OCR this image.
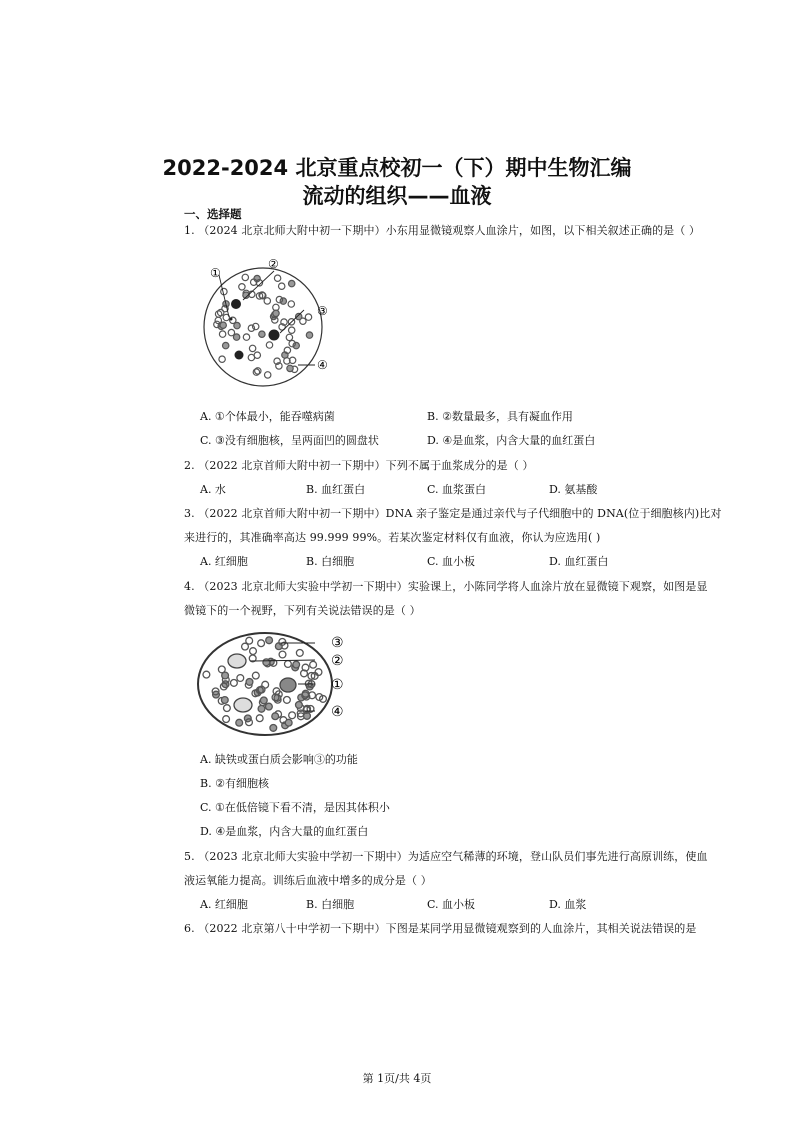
2022-2024 北京重点校初一（下）期中生物汇编
流动的组织——血液
一、选择题
1. （2024 北京北师大附中初一下期中）小东用显微镜观察人血涂片，如图，以下相关叙述正确的是（ ）
①
②
③
④
A. ①个体最小，能吞噬病菌	B. ②数量最多，具有凝血作用
C. ③没有细胞核，呈两面凹的圆盘状	D. ④是血浆，内含大量的血红蛋白
2. （2022 北京首师大附中初一下期中）下列不属于血浆成分的是（ ）
A. 水	B. 血红蛋白	C. 血浆蛋白	D. 氨基酸
3. （2022 北京首师大附中初一下期中）DNA 亲子鉴定是通过亲代与子代细胞中的 DNA(位于细胞核内)比对
来进行的，其准确率高达 99.999 99%。若某次鉴定材料仅有血液，你认为应选用( )
A. 红细胞	B. 白细胞	C. 血小板	D. 血红蛋白
4. （2023 北京北师大实验中学初一下期中）实验课上，小陈同学将人血涂片放在显微镜下观察，如图是显
微镜下的一个视野，下列有关说法错误的是（ ）
③
②
①
④
A. 缺铁或蛋白质会影响③的功能
B. ②有细胞核
C. ①在低倍镜下看不清，是因其体积小
D. ④是血浆，内含大量的血红蛋白
5. （2023 北京北师大实验中学初一下期中）为适应空气稀薄的环境，登山队员们事先进行高原训练，使血
液运氧能力提高。训练后血液中增多的成分是（ ）
A. 红细胞	B. 白细胞	C. 血小板	D. 血浆
6. （2022 北京第八十中学初一下期中）下图是某同学用显微镜观察到的人血涂片，其相关说法错误的是
第 1页/共 4页
